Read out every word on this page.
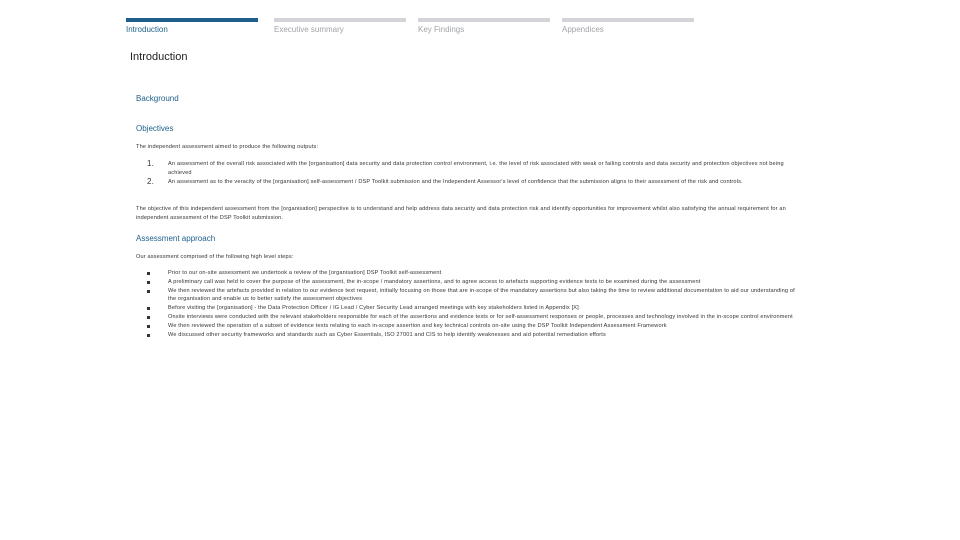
Introduction	Executive summary	Key Findings	Appendices
Introduction
Background
Objectives

The independent assessment aimed to produce the following outputs:

1.	An assessment of the overall risk associated with the [organisation] data security and data protection control environment, i.e. the level of risk associated with weak or failing controls and data security and protection objectives not being achieved
2.	An assessment as to the veracity of the [organisation] self-assessment / DSP Toolkit submission and the Independent Assessor's level of confidence that the submission aligns to their assessment of the risk and controls.

The objective of this independent assessment from the [organisation] perspective is to understand and help address data security and data protection risk and identify opportunities for improvement whilst also satisfying the annual requirement for an independent assessment of the DSP Toolkit submission.

Assessment approach

Our assessment comprised of the following high level steps:

Prior to our on-site assessment we undertook a review of the [organisation] DSP Toolkit self-assessment
A preliminary call was held to cover the purpose of the assessment, the in-scope / mandatory assertions, and to agree access to artefacts supporting evidence texts to be examined during the assessment
We then reviewed the artefacts provided in relation to our evidence text request, initially focusing on those that are in-scope of the mandatory assertions but also taking the time to review additional documentation to aid our understanding of the organisation and enable us to better satisfy the assessment objectives
Before visiting the [organisation] - the Data Protection Officer / IG Lead / Cyber Security Lead arranged meetings with key stakeholders listed in Appendix [X]
Onsite interviews were conducted with the relevant stakeholders responsible for each of the assertions and evidence texts or for self-assessment responses or people, processes and technology involved in the in-scope control environment
We then reviewed the operation of a subset of evidence texts relating to each in-scope assertion and key technical controls on-site using the DSP Toolkit Independent Assessment Framework
We discussed other security frameworks and standards such as Cyber Essentials, ISO 27001 and CIS to help identify weaknesses and aid potential remediation efforts
